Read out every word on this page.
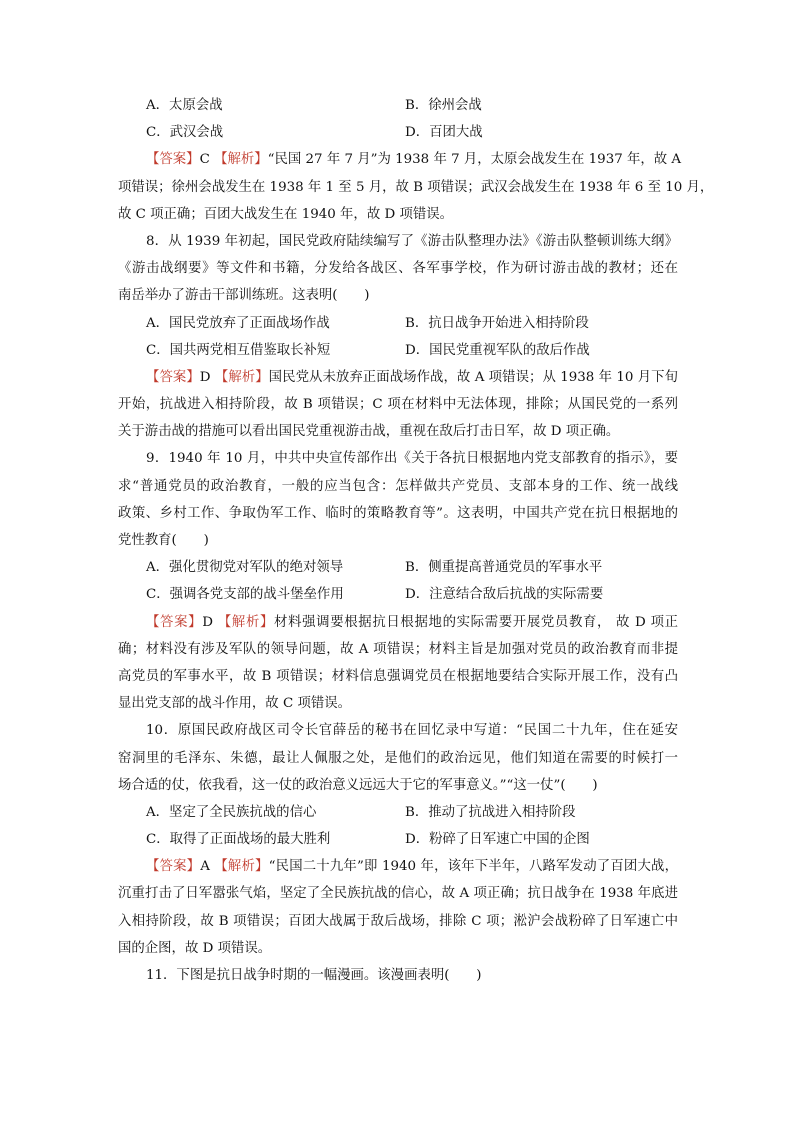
A．太原会战	B．徐州会战
C．武汉会战	D．百团大战
【答案】C 【解析】“民国 27 年 7 月”为 1938 年 7 月，太原会战发生在 1937 年，故 A
项错误；徐州会战发生在 1938 年 1 至 5 月，故 B 项错误；武汉会战发生在 1938 年 6 至 10 月，
故 C 项正确；百团大战发生在 1940 年，故 D 项错误。
8．从 1939 年初起，国民党政府陆续编写了《游击队整理办法》《游击队整顿训练大纲》
《游击战纲要》等文件和书籍，分发给各战区、各军事学校，作为研讨游击战的教材；还在
南岳举办了游击干部训练班。这表明(　　)
A．国民党放弃了正面战场作战	B．抗日战争开始进入相持阶段
C．国共两党相互借鉴取长补短	D．国民党重视军队的敌后作战
【答案】D 【解析】国民党从未放弃正面战场作战，故 A 项错误；从 1938 年 10 月下旬
开始，抗战进入相持阶段，故 B 项错误；C 项在材料中无法体现，排除；从国民党的一系列
关于游击战的措施可以看出国民党重视游击战，重视在敌后打击日军，故 D 项正确。
9．1940 年 10 月，中共中央宣传部作出《关于各抗日根据地内党支部教育的指示》，要
求“普通党员的政治教育，一般的应当包含：怎样做共产党员、支部本身的工作、统一战线
政策、乡村工作、争取伪军工作、临时的策略教育等”。这表明，中国共产党在抗日根据地的
党性教育(　　)
A．强化贯彻党对军队的绝对领导	B．侧重提高普通党员的军事水平
C．强调各党支部的战斗堡垒作用	D．注意结合敌后抗战的实际需要
【答案】D 【解析】材料强调要根据抗日根据地的实际需要开展党员教育， 故 D 项正
确；材料没有涉及军队的领导问题，故 A 项错误；材料主旨是加强对党员的政治教育而非提
高党员的军事水平，故 B 项错误；材料信息强调党员在根据地要结合实际开展工作，没有凸
显出党支部的战斗作用，故 C 项错误。
10．原国民政府战区司令长官薛岳的秘书在回忆录中写道：“民国二十九年，住在延安
窑洞里的毛泽东、朱德，最让人佩服之处，是他们的政治远见，他们知道在需要的时候打一
场合适的仗，依我看，这一仗的政治意义远远大于它的军事意义。”“这一仗”(　　)
A．坚定了全民族抗战的信心	B．推动了抗战进入相持阶段
C．取得了正面战场的最大胜利	D．粉碎了日军速亡中国的企图
【答案】A 【解析】“民国二十九年”即 1940 年，该年下半年，八路军发动了百团大战，
沉重打击了日军嚣张气焰，坚定了全民族抗战的信心，故 A 项正确；抗日战争在 1938 年底进
入相持阶段，故 B 项错误；百团大战属于敌后战场，排除 C 项；淞沪会战粉碎了日军速亡中
国的企图，故 D 项错误。
11．下图是抗日战争时期的一幅漫画。该漫画表明(　　)
